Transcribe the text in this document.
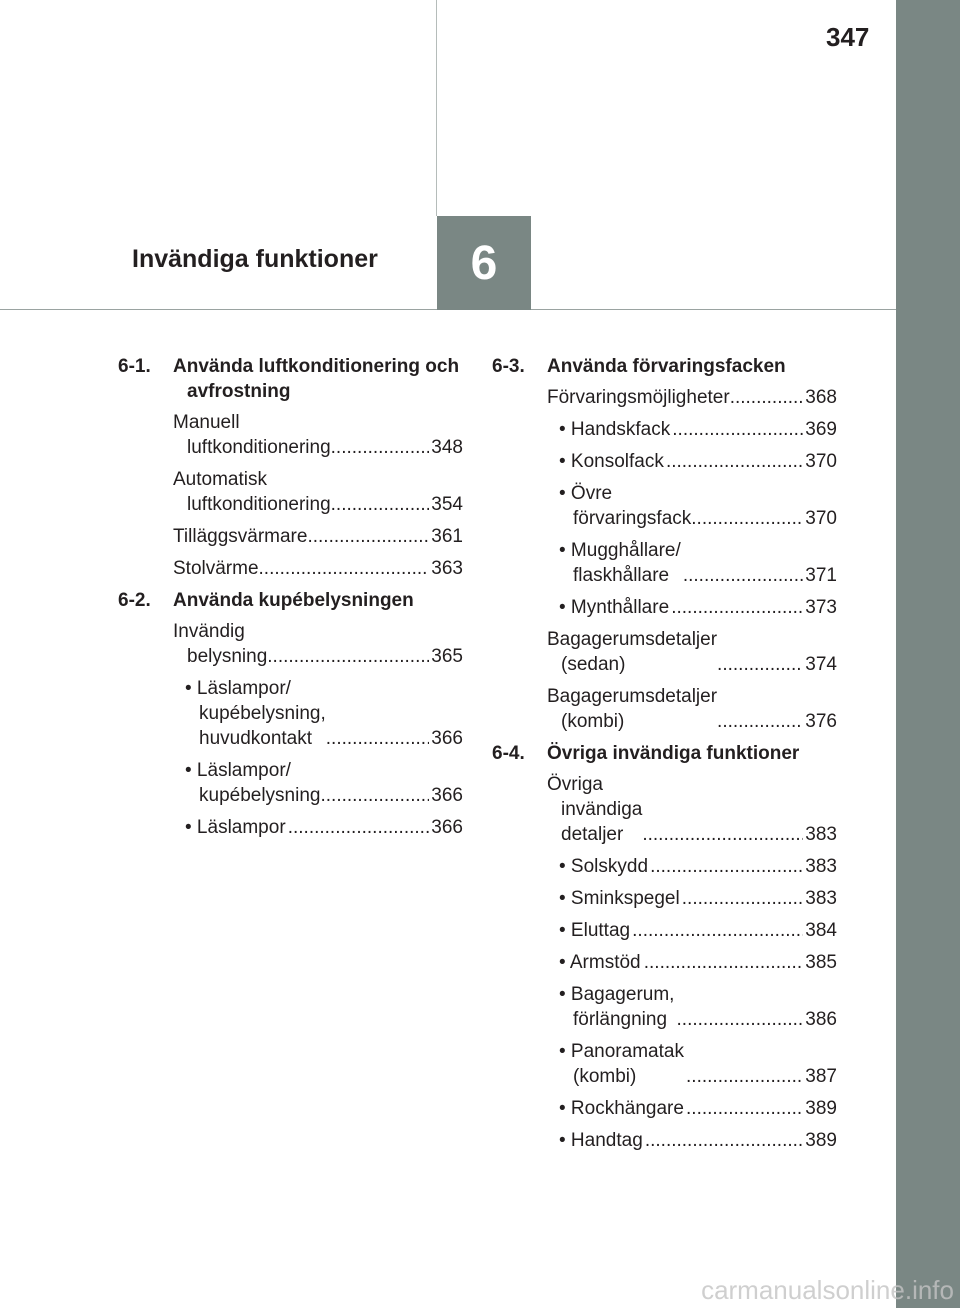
347
Invändiga funktioner 6
6-1. Använda luftkonditionering och avfrostning
Manuell luftkonditionering .....	348
Automatisk luftkonditionering .....	354
Tilläggsvärmare .....	361
Stolvärme .....	363
6-2. Använda kupébelysningen
Invändig belysning .....	365
• Läslampor/ kupébelysning, huvudkontakt .....	366
• Läslampor/ kupébelysning .....	366
• Läslampor .....	366
6-3. Använda förvaringsfacken
Förvaringsmöjligheter .....	368
• Handskfack .....	369
• Konsolfack .....	370
• Övre förvaringsfack .....	370
• Mugghållare/ flaskhållare .....	371
• Mynthållare .....	373
Bagagerumsdetaljer (sedan) .....	374
Bagagerumsdetaljer (kombi) .....	376
6-4. Övriga invändiga funktioner
Övriga invändiga detaljer .....	383
• Solskydd .....	383
• Sminkspegel .....	383
• Eluttag .....	384
• Armstöd .....	385
• Bagagerum, förlängning .....	386
• Panoramatak (kombi) .....	387
• Rockhängare .....	389
• Handtag .....	389
carmanualsonline.info
